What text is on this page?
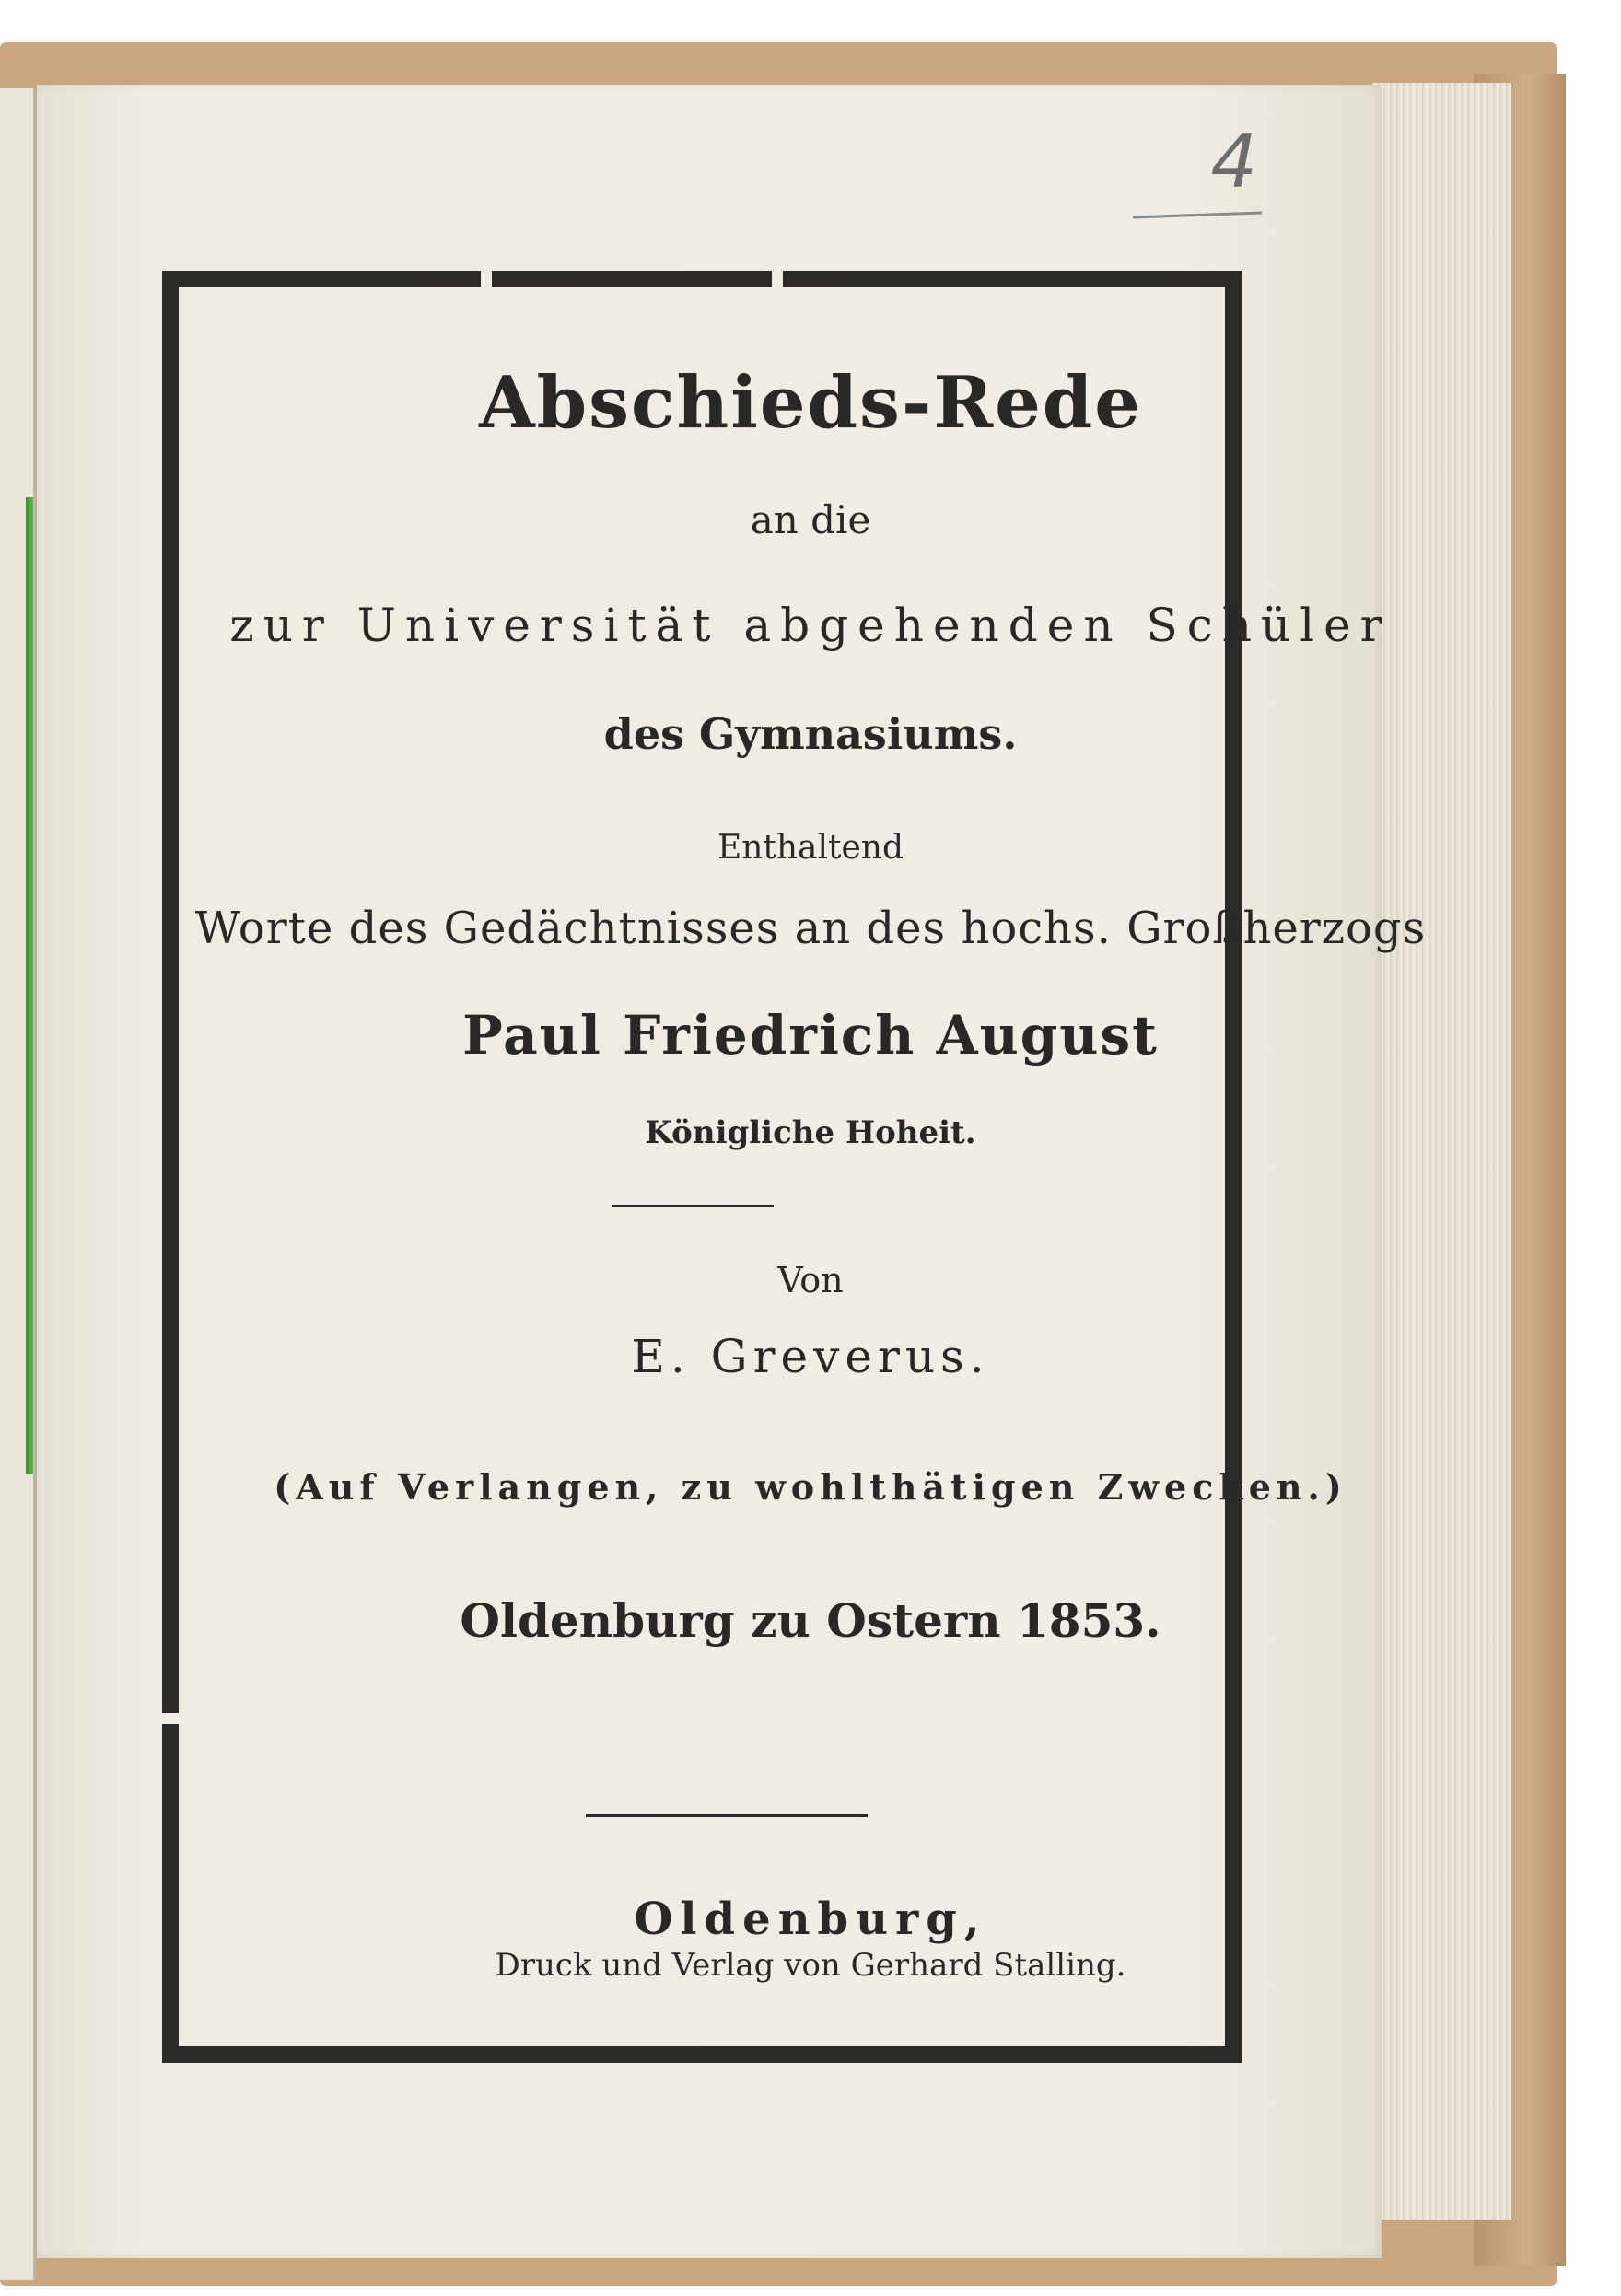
4
Abschieds-Rede
an die
zur Universität abgehenden Schüler
des Gymnasiums.
Enthaltend
Worte des Gedächtnisses an des hochs. Großherzogs
Paul Friedrich August
Königliche Hoheit.
Von
E. Greverus.
(Auf Verlangen, zu wohlthätigen Zwecken.)
Oldenburg zu Ostern 1853.
Oldenburg,
Druck und Verlag von Gerhard Stalling.
